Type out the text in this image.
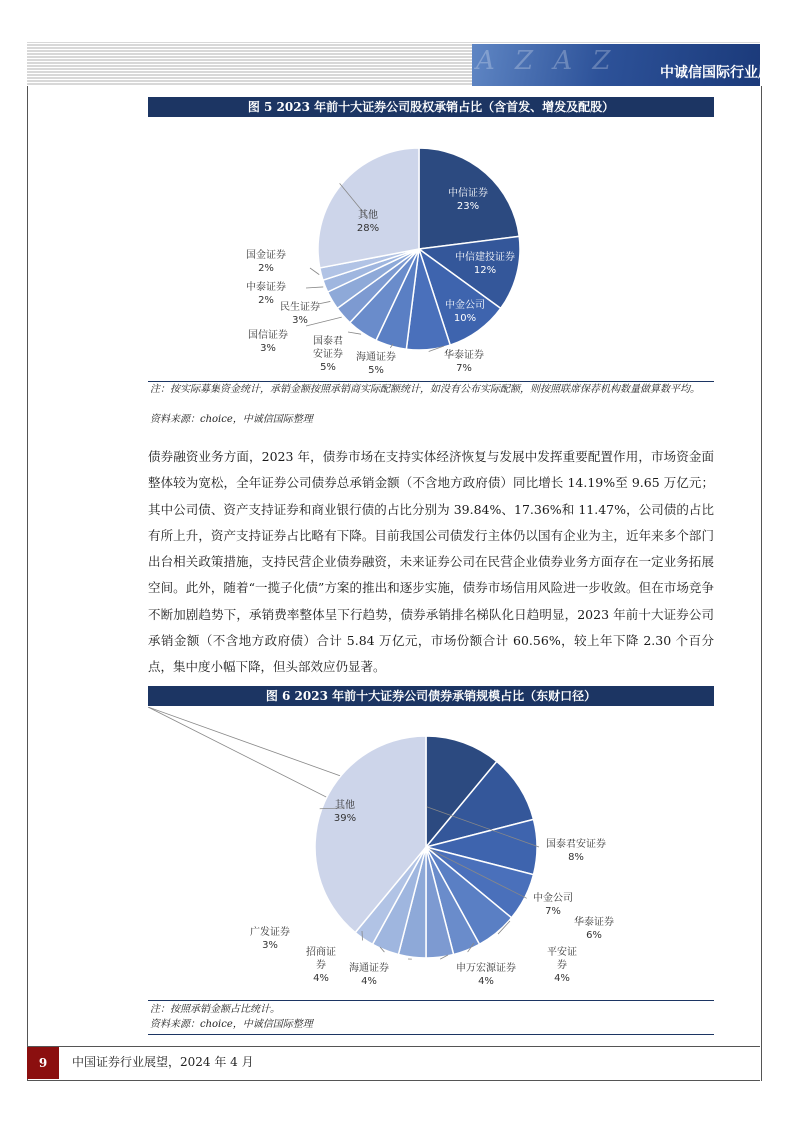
A Z A Z	中诚信国际行业展望
图 5 2023 年前十大证券公司股权承销占比（含首发、增发及配股）
中信证券
23%
中信建投证券
12%
中金公司
10%
华泰证券
7%
海通证券
5%
国泰君
安证券
5%
国信证券
3%
民生证券
3%
中泰证券
2%
国金证券
2%
其他
28%
注：按实际募集资金统计，承销金额按照承销商实际配额统计，如没有公布实际配额，则按照联席保荐机构数量做算数平均。
资料来源：choice，中诚信国际整理
债券融资业务方面，2023 年，债券市场在支持实体经济恢复与发展中发挥重要配置作用，市场资金面整体较为宽松，全年证券公司债券总承销金额（不含地方政府债）同比增长 14.19%至 9.65 万亿元；其中公司债、资产支持证券和商业银行债的占比分别为 39.84%、17.36%和 11.47%，公司债的占比有所上升，资产支持证券占比略有下降。目前我国公司债发行主体仍以国有企业为主，近年来多个部门出台相关政策措施，支持民营企业债券融资，未来证券公司在民营企业债券业务方面存在一定业务拓展空间。此外，随着“一揽子化债”方案的推出和逐步实施，债券市场信用风险进一步收敛。但在市场竞争不断加剧趋势下，承销费率整体呈下行趋势，债券承销排名梯队化日趋明显，2023 年前十大证券公司承销金额（不含地方政府债）合计 5.84 万亿元，市场份额合计 60.56%，较上年下降 2.30 个百分点，集中度小幅下降，但头部效应仍显著。
图 6 2023 年前十大证券公司债券承销规模占比（东财口径）
中信证券
11%
中信建投证券
10%
国泰君安证券
8%
中金公司
7%
华泰证券
6%
平安证
券
4%
申万宏源证券
4%
海通证券
4%
招商证
券
4%
广发证券
3%
其他
39%
注：按照承销金额占比统计。
资料来源：choice，中诚信国际整理
9	中国证券行业展望，2024 年 4 月
